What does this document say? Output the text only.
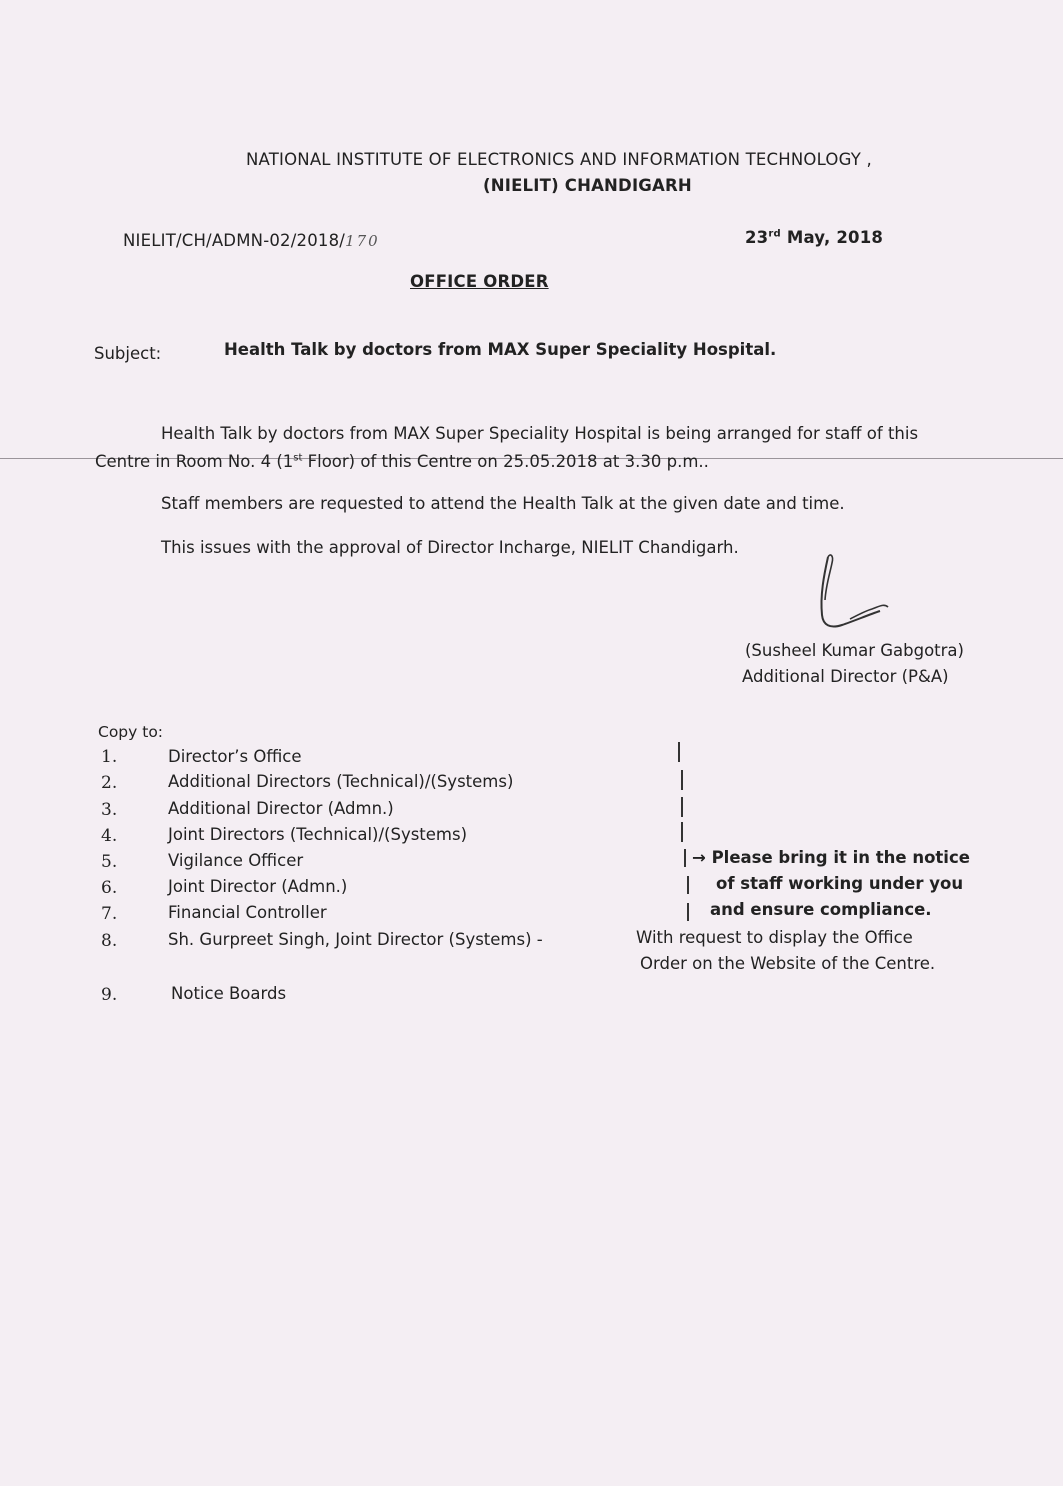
NATIONAL INSTITUTE OF ELECTRONICS AND INFORMATION TECHNOLOGY ,
(NIELIT) CHANDIGARH
NIELIT/CH/ADMN-02/2018/170	23rd May, 2018
OFFICE ORDER
Subject:	Health Talk by doctors from MAX Super Speciality Hospital.
Health Talk by doctors from MAX Super Speciality Hospital is being arranged for staff of this
Centre in Room No. 4 (1st Floor) of this Centre on 25.05.2018 at 3.30 p.m..
Staff members are requested to attend the Health Talk at the given date and time.
This issues with the approval of Director Incharge, NIELIT Chandigarh.
(Susheel Kumar Gabgotra)
Additional Director (P&A)
Copy to:
1.	Director’s Office
2.	Additional Directors (Technical)/(Systems)
3.	Additional Director (Admn.)
4.	Joint Directors (Technical)/(Systems)
5.	Vigilance Officer
6.	Joint Director (Admn.)
7.	Financial Controller
8.	Sh. Gurpreet Singh, Joint Director (Systems) -
9.	Notice Boards
→ Please bring it in the notice
of staff working under you
and ensure compliance.
With request to display the Office
Order on the Website of the Centre.
